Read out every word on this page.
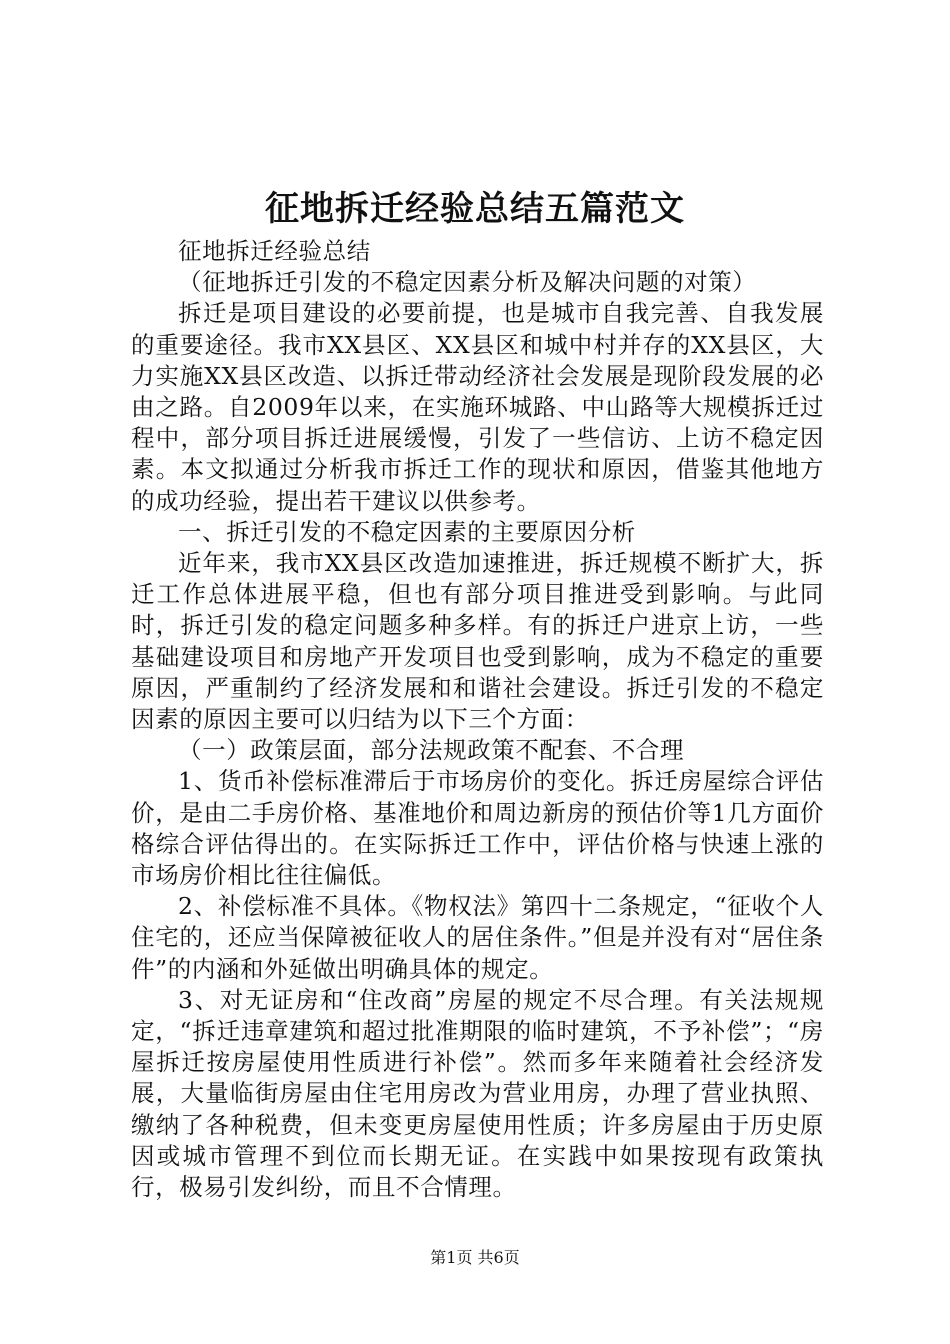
征地拆迁经验总结五篇范文

征地拆迁经验总结

（征地拆迁引发的不稳定因素分析及解决问题的对策）

拆迁是项目建设的必要前提，也是城市自我完善、自我发展的重要途径。我市XX县区、XX县区和城中村并存的XX县区，大力实施XX县区改造、以拆迁带动经济社会发展是现阶段发展的必由之路。自2009年以来，在实施环城路、中山路等大规模拆迁过程中，部分项目拆迁进展缓慢，引发了一些信访、上访不稳定因素。本文拟通过分析我市拆迁工作的现状和原因，借鉴其他地方的成功经验，提出若干建议以供参考。

一、拆迁引发的不稳定因素的主要原因分析

近年来，我市XX县区改造加速推进，拆迁规模不断扩大，拆迁工作总体进展平稳，但也有部分项目推进受到影响。与此同时，拆迁引发的稳定问题多种多样。有的拆迁户进京上访，一些基础建设项目和房地产开发项目也受到影响，成为不稳定的重要原因，严重制约了经济发展和和谐社会建设。拆迁引发的不稳定因素的原因主要可以归结为以下三个方面：

（一）政策层面，部分法规政策不配套、不合理

1、货币补偿标准滞后于市场房价的变化。拆迁房屋综合评估价，是由二手房价格、基准地价和周边新房的预估价等1几方面价格综合评估得出的。在实际拆迁工作中，评估价格与快速上涨的市场房价相比往往偏低。

2、补偿标准不具体。《物权法》第四十二条规定，“征收个人住宅的，还应当保障被征收人的居住条件。”但是并没有对“居住条件”的内涵和外延做出明确具体的规定。

3、对无证房和“住改商”房屋的规定不尽合理。有关法规规定，“拆迁违章建筑和超过批准期限的临时建筑，不予补偿”；“房屋拆迁按房屋使用性质进行补偿”。然而多年来随着社会经济发展，大量临街房屋由住宅用房改为营业用房，办理了营业执照、缴纳了各种税费，但未变更房屋使用性质；许多房屋由于历史原因或城市管理不到位而长期无证。在实践中如果按现有政策执行，极易引发纠纷，而且不合情理。

第1页 共6页
